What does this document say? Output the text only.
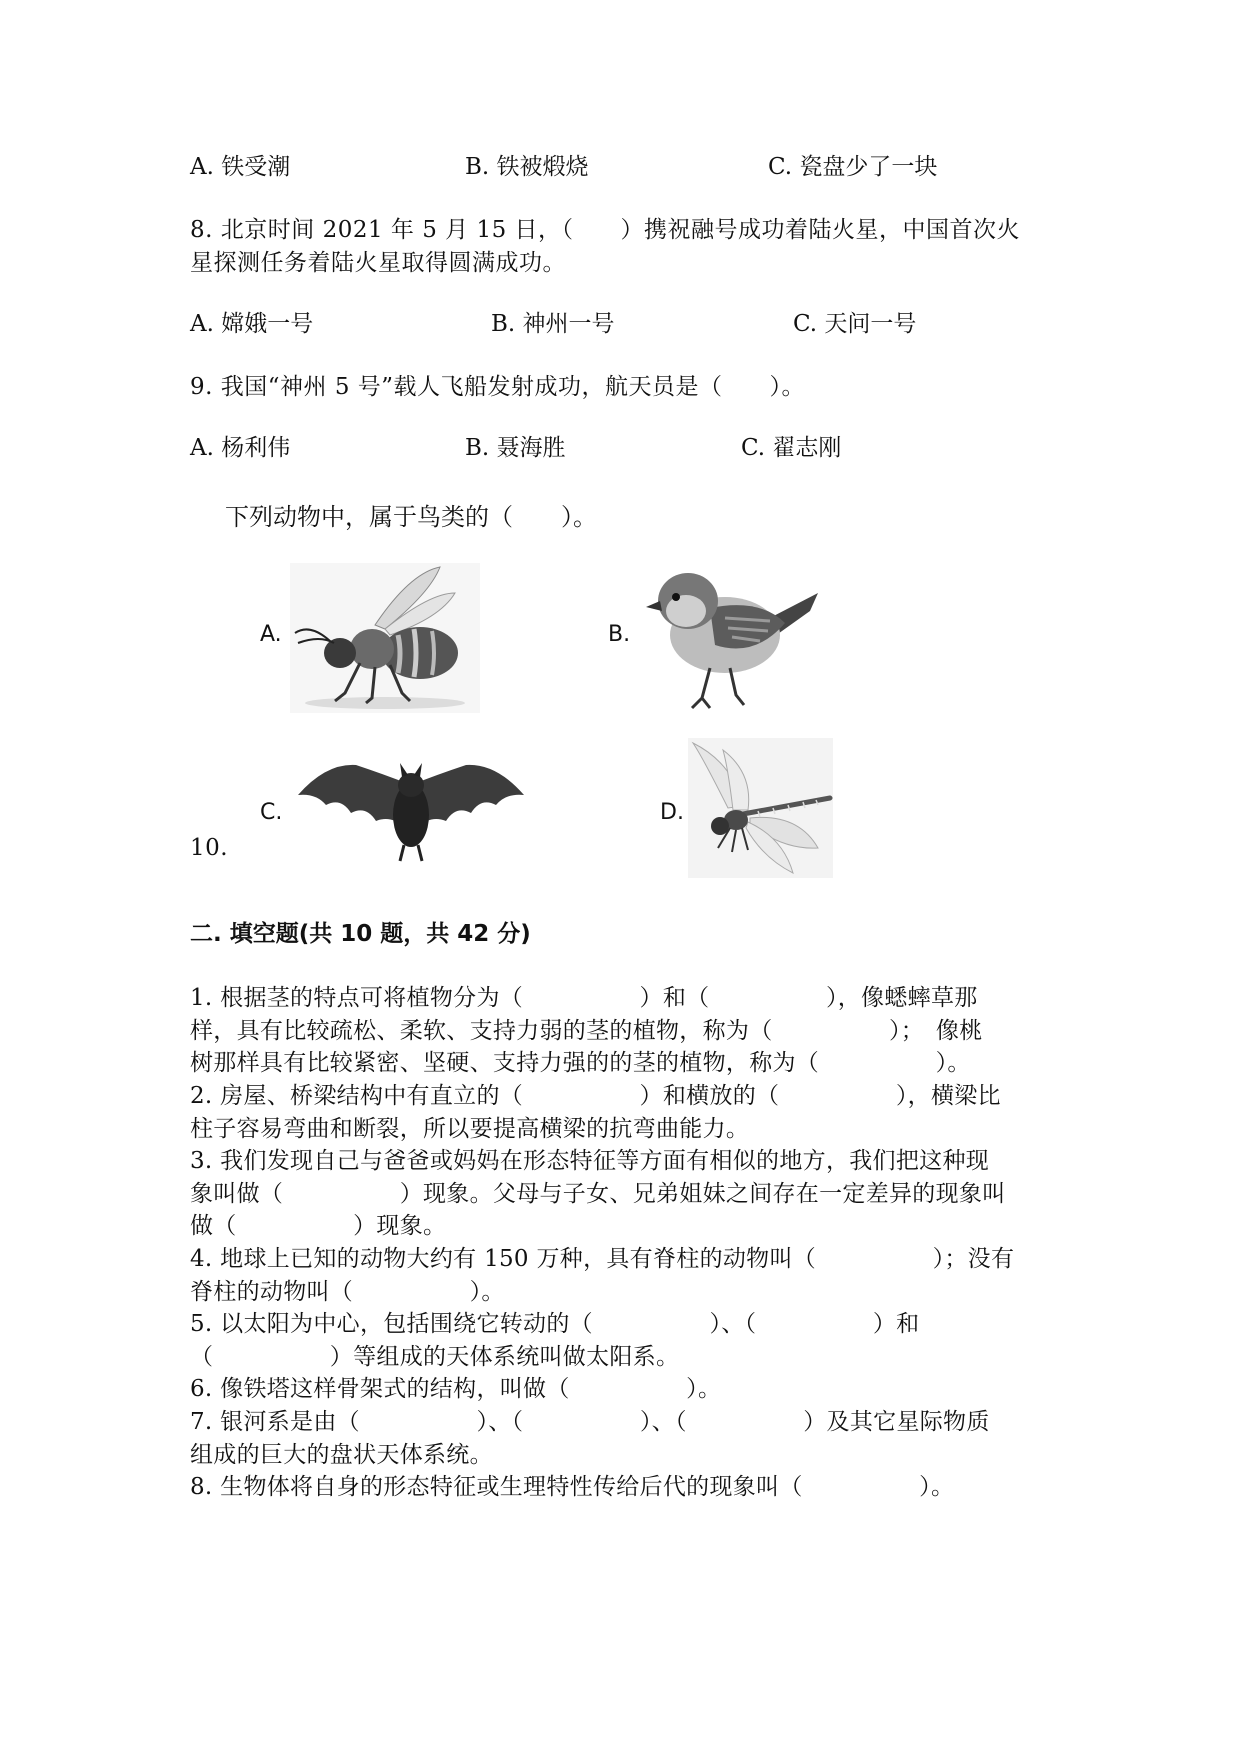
A. 铁受潮	B. 铁被煅烧	C. 瓷盘少了一块
8. 北京时间 2021 年 5 月 15 日，（　　）携祝融号成功着陆火星，中国首次火
星探测任务着陆火星取得圆满成功。
A. 嫦娥一号	B. 神州一号	C. 天问一号
9. 我国“神州 5 号”载人飞船发射成功，航天员是（　　）。
A. 杨利伟	B. 聂海胜	C. 翟志刚
下列动物中，属于鸟类的（　　）。
A.	B.
C.	D.
10.
二. 填空题(共 10 题，共 42 分)
1. 根据茎的特点可将植物分为（　　　　　）和（　　　　　），像蟋蟀草那
样，具有比较疏松、柔软、支持力弱的茎的植物，称为（　　　　　）；　像桃
树那样具有比较紧密、坚硬、支持力强的的茎的植物，称为（　　　　　）。
2. 房屋、桥梁结构中有直立的（　　　　　）和横放的（　　　　　），横梁比
柱子容易弯曲和断裂，所以要提高横梁的抗弯曲能力。
3. 我们发现自己与爸爸或妈妈在形态特征等方面有相似的地方，我们把这种现
象叫做（　　　　　）现象。父母与子女、兄弟姐妹之间存在一定差异的现象叫
做（　　　　　）现象。
4. 地球上已知的动物大约有 150 万种，具有脊柱的动物叫（　　　　　）；没有
脊柱的动物叫（　　　　　）。
5. 以太阳为中心，包括围绕它转动的（　　　　　）、（　　　　　）和
（　　　　　）等组成的天体系统叫做太阳系。
6. 像铁塔这样骨架式的结构，叫做（　　　　　）。
7. 银河系是由（　　　　　）、（　　　　　）、（　　　　　）及其它星际物质
组成的巨大的盘状天体系统。
8. 生物体将自身的形态特征或生理特性传给后代的现象叫（　　　　　）。
